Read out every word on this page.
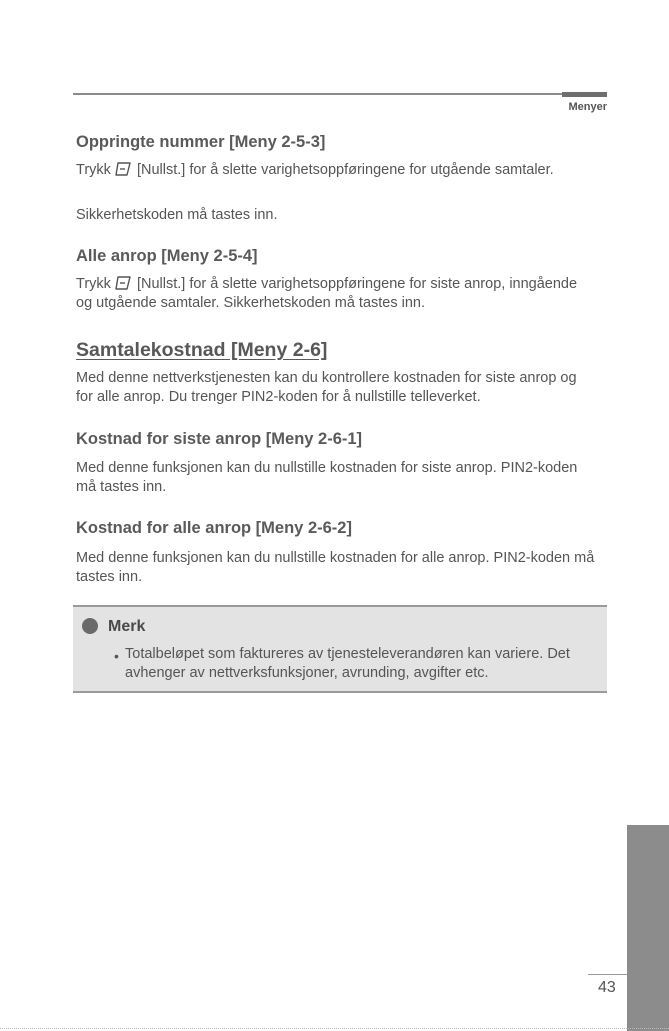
Menyer
Oppringte nummer [Meny 2-5-3]

Trykk [Nullst.] for å slette varighetsoppføringene for utgående samtaler.

Sikkerhetskoden må tastes inn.

Alle anrop [Meny 2-5-4]

Trykk [Nullst.] for å slette varighetsoppføringene for siste anrop, inngående og utgående samtaler. Sikkerhetskoden må tastes inn.

Samtalekostnad [Meny 2-6]

Med denne nettverkstjenesten kan du kontrollere kostnaden for siste anrop og for alle anrop. Du trenger PIN2-koden for å nullstille telleverket.

Kostnad for siste anrop [Meny 2-6-1]

Med denne funksjonen kan du nullstille kostnaden for siste anrop. PIN2-koden må tastes inn.

Kostnad for alle anrop [Meny 2-6-2]

Med denne funksjonen kan du nullstille kostnaden for alle anrop. PIN2-koden må tastes inn.

Merk
• Totalbeløpet som faktureres av tjenesteleverandøren kan variere. Det avhenger av nettverksfunksjoner, avrunding, avgifter etc.

43
